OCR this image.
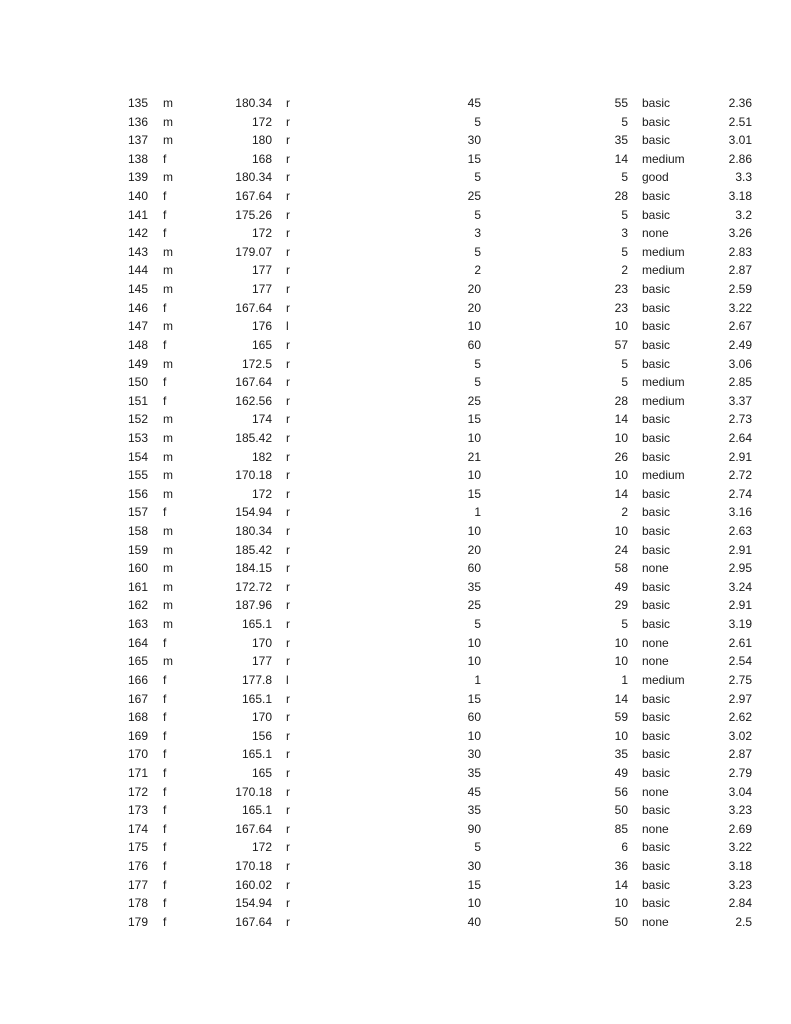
135 m	180.34 r	45	55 basic	2.36
136 m	172 r	5	5 basic	2.51
137 m	180 r	30	35 basic	3.01
138 f	168 r	15	14 medium	2.86
139 m	180.34 r	5	5 good	3.3
140 f	167.64 r	25	28 basic	3.18
141 f	175.26 r	5	5 basic	3.2
142 f	172 r	3	3 none	3.26
143 m	179.07 r	5	5 medium	2.83
144 m	177 r	2	2 medium	2.87
145 m	177 r	20	23 basic	2.59
146 f	167.64 r	20	23 basic	3.22
147 m	176 l	10	10 basic	2.67
148 f	165 r	60	57 basic	2.49
149 m	172.5 r	5	5 basic	3.06
150 f	167.64 r	5	5 medium	2.85
151 f	162.56 r	25	28 medium	3.37
152 m	174 r	15	14 basic	2.73
153 m	185.42 r	10	10 basic	2.64
154 m	182 r	21	26 basic	2.91
155 m	170.18 r	10	10 medium	2.72
156 m	172 r	15	14 basic	2.74
157 f	154.94 r	1	2 basic	3.16
158 m	180.34 r	10	10 basic	2.63
159 m	185.42 r	20	24 basic	2.91
160 m	184.15 r	60	58 none	2.95
161 m	172.72 r	35	49 basic	3.24
162 m	187.96 r	25	29 basic	2.91
163 m	165.1 r	5	5 basic	3.19
164 f	170 r	10	10 none	2.61
165 m	177 r	10	10 none	2.54
166 f	177.8 l	1	1 medium	2.75
167 f	165.1 r	15	14 basic	2.97
168 f	170 r	60	59 basic	2.62
169 f	156 r	10	10 basic	3.02
170 f	165.1 r	30	35 basic	2.87
171 f	165 r	35	49 basic	2.79
172 f	170.18 r	45	56 none	3.04
173 f	165.1 r	35	50 basic	3.23
174 f	167.64 r	90	85 none	2.69
175 f	172 r	5	6 basic	3.22
176 f	170.18 r	30	36 basic	3.18
177 f	160.02 r	15	14 basic	3.23
178 f	154.94 r	10	10 basic	2.84
179 f	167.64 r	40	50 none	2.5
